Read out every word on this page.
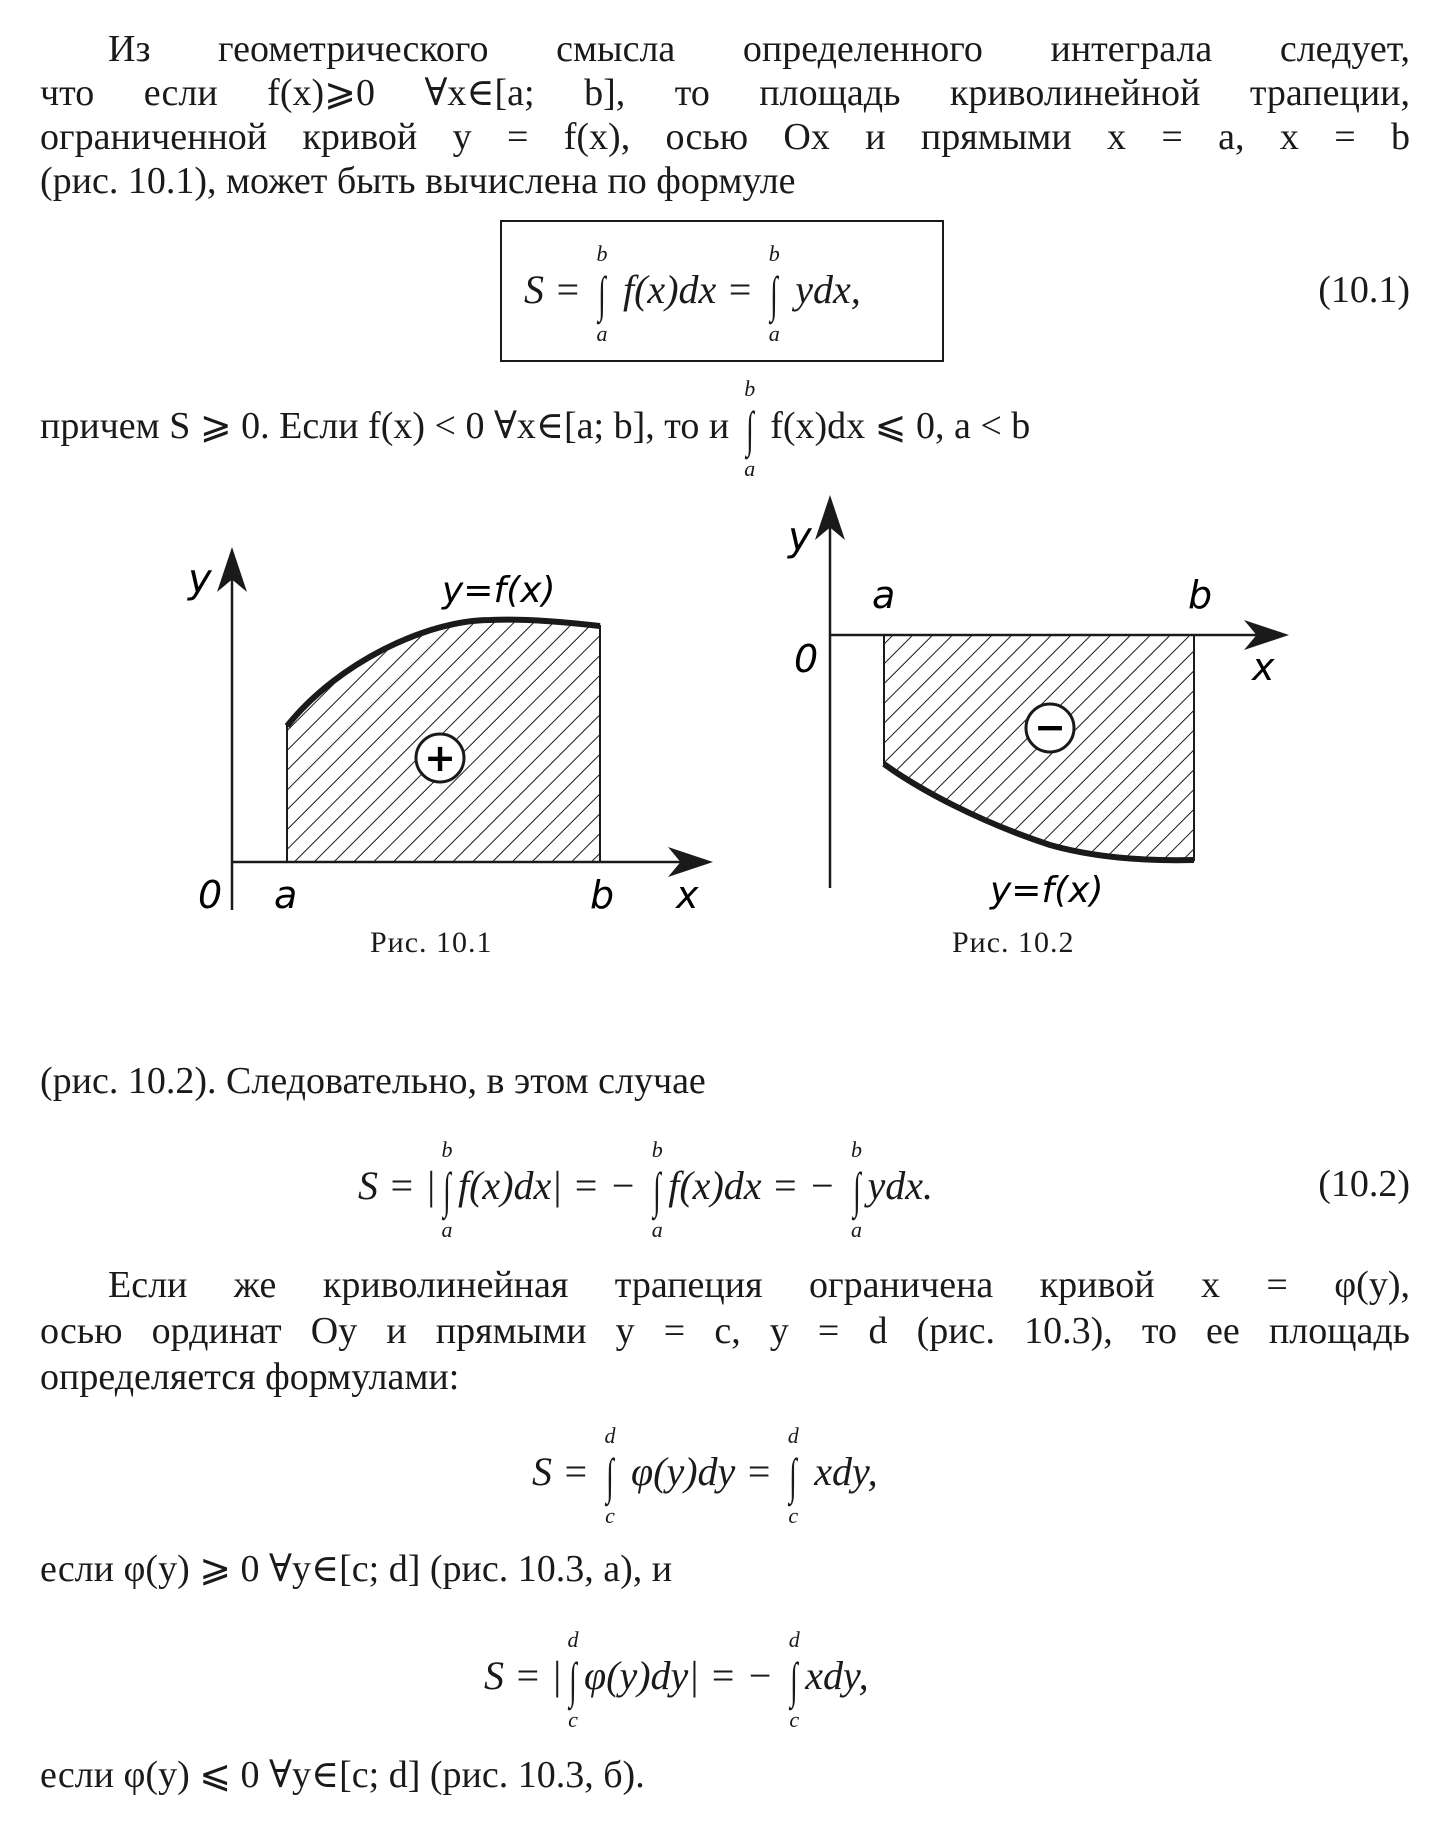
Из геометрического смысла определенного интеграла следует,
что если f(x)⩾0 ∀x∈[a; b], то площадь криволинейной трапеции,
ограниченной кривой y = f(x), осью Ox и прямыми x = a, x = b
(рис. 10.1), может быть вычислена по формуле
S =
b
∫
a
f(x)dx =
b
∫
a
ydx,	(10.1)
причем S ⩾ 0. Если f(x) < 0 ∀x∈[a; b], то и
b
∫
a
f(x)dx ⩽ 0, a < b
+
y	y=f(x)
0 a	b x
Рис. 10.1
−
y
a	b
0	x
y=f(x)
Рис. 10.2
(рис. 10.2). Следовательно, в этом случае
S = |
b
∫
a
f(x)dx| = −
b
∫
a
f(x)dx = −
b
∫
a
ydx.	(10.2)
Если же криволинейная трапеция ограничена кривой x = φ(y),
осью ординат Oy и прямыми y = c, y = d (рис. 10.3), то ее площадь
определяется формулами:
S =
d
∫
c
φ(y)dy =
d
∫
c
xdy,
если φ(y) ⩾ 0 ∀y∈[c; d] (рис. 10.3, а), и
S = |
d
∫
c
φ(y)dy| = −
d
∫
c
xdy,
если φ(y) ⩽ 0 ∀y∈[c; d] (рис. 10.3, б).
